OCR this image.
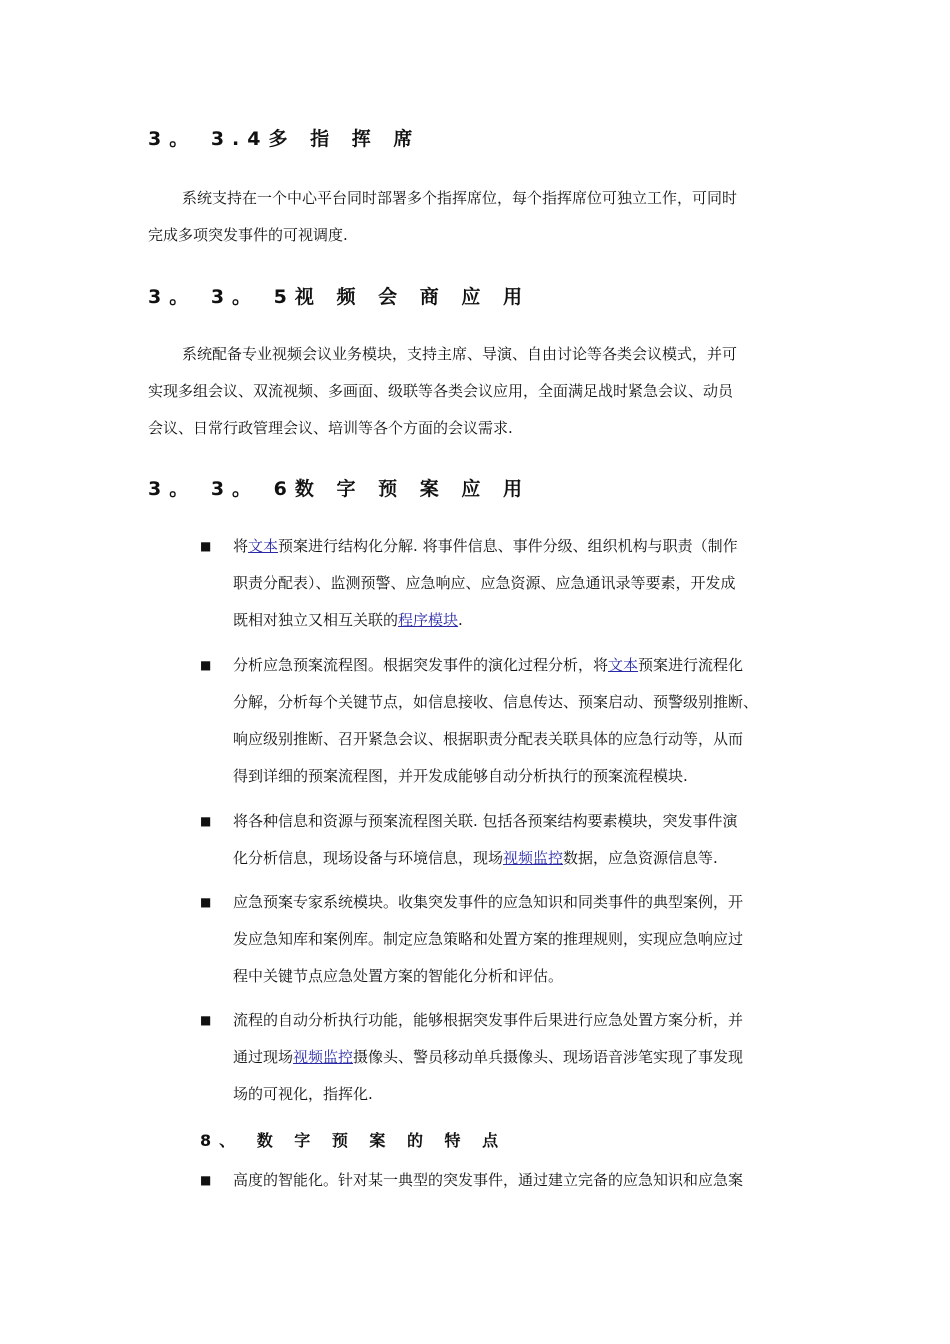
3。 3.4多 指 挥 席
系统支持在一个中心平台同时部署多个指挥席位，每个指挥席位可独立工作，可同时
完成多项突发事件的可视调度.
3。 3。 5视 频 会 商 应 用
系统配备专业视频会议业务模块，支持主席、导演、自由讨论等各类会议模式，并可
实现多组会议、双流视频、多画面、级联等各类会议应用，全面满足战时紧急会议、动员
会议、日常行政管理会议、培训等各个方面的会议需求.
3。 3。 6数 字 预 案 应 用
■ 将文本预案进行结构化分解. 将事件信息、事件分级、组织机构与职责（制作
职责分配表）、监测预警、应急响应、应急资源、应急通讯录等要素，开发成
既相对独立又相互关联的程序模块.
■ 分析应急预案流程图。根据突发事件的演化过程分析，将文本预案进行流程化
分解，分析每个关键节点，如信息接收、信息传达、预案启动、预警级别推断、
响应级别推断、召开紧急会议、根据职责分配表关联具体的应急行动等，从而
得到详细的预案流程图，并开发成能够自动分析执行的预案流程模块.
■ 将各种信息和资源与预案流程图关联. 包括各预案结构要素模块，突发事件演
化分析信息，现场设备与环境信息，现场视频监控数据，应急资源信息等.
■ 应急预案专家系统模块。收集突发事件的应急知识和同类事件的典型案例，开
发应急知库和案例库。制定应急策略和处置方案的推理规则，实现应急响应过
程中关键节点应急处置方案的智能化分析和评估。
■ 流程的自动分析执行功能，能够根据突发事件后果进行应急处置方案分析，并
通过现场视频监控摄像头、警员移动单兵摄像头、现场语音涉笔实现了事发现
场的可视化，指挥化.
8、 数 字 预 案 的 特 点
■ 高度的智能化。针对某一典型的突发事件，通过建立完备的应急知识和应急案
